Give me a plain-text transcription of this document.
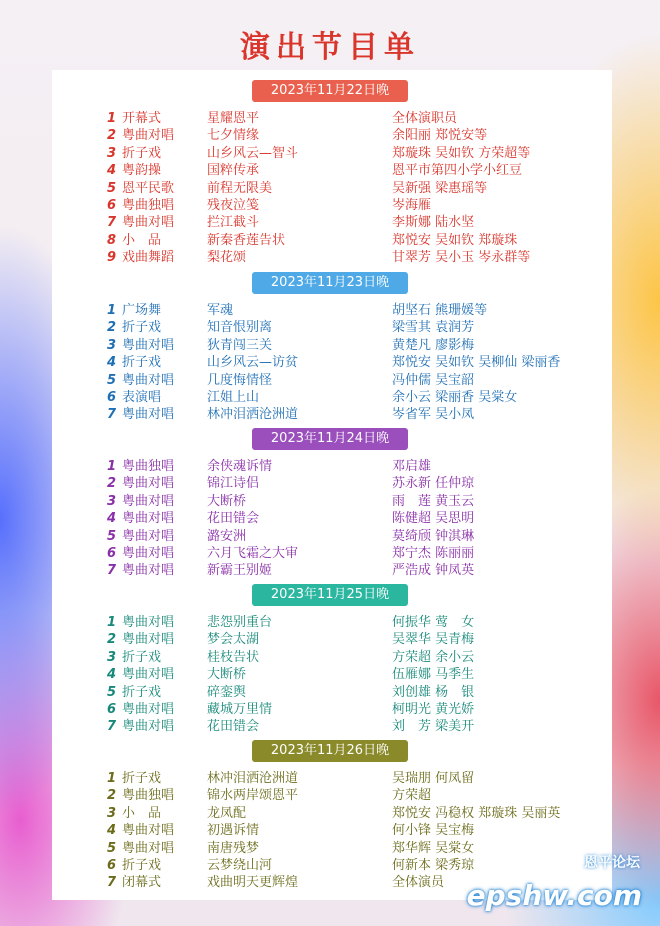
演出节目单
2023年11月22日晚
1 开幕式	星耀恩平	全体演职员
2 粤曲对唱	七夕情缘	余阳丽 郑悦安等
3 折子戏	山乡风云—智斗	郑璇珠 吴如钦 方荣超等
4 粤韵操	国粹传承	恩平市第四小学小红豆
5 恩平民歌	前程无限美	吴新强 梁惠瑶等
6 粤曲独唱	残夜泣笺	岑海雁
7 粤曲对唱	拦江截斗	李斯娜 陆水坚
8 小　品	新秦香莲告状	郑悦安 吴如钦 郑璇珠
9 戏曲舞蹈	梨花颂	甘翠芳 吴小玉 岑永群等
2023年11月23日晚
1 广场舞	军魂	胡坚石 熊珊媛等
2 折子戏	知音恨别离	梁雪其 袁润芳
3 粤曲对唱	狄青闯三关	黄楚凡 廖影梅
4 折子戏	山乡风云—访贫	郑悦安 吴如钦 吴柳仙 梁丽香
5 粤曲对唱	几度悔情怪	冯仲儒 吴宝韶
6 表演唱	江姐上山	余小云 梁丽香 吴棠女
7 粤曲对唱	林冲泪洒沧洲道	岑省军 吴小凤
2023年11月24日晚
1 粤曲独唱	余侠魂诉情	邓启雄
2 粤曲对唱	锦江诗侣	苏永新 任仲琼
3 粤曲对唱	大断桥	雨　莲 黄玉云
4 粤曲对唱	花田错会	陈健超 吴思明
5 粤曲对唱	潞安洲	莫绮颀 钟淇琳
6 粤曲对唱	六月飞霜之大审	郑宁杰 陈丽丽
7 粤曲对唱	新霸王别姬	严浩成 钟凤英
2023年11月25日晚
1 粤曲对唱	悲怨别重台	何振华 莺　女
2 粤曲对唱	梦会太湖	吴翠华 吴青梅
3 折子戏	桂枝告状	方荣超 余小云
4 粤曲对唱	大断桥	伍雁娜 马季生
5 折子戏	碎銮舆	刘创雄 杨　银
6 粤曲对唱	藏城万里情	柯明光 黄光娇
7 粤曲对唱	花田错会	刘　芳 梁美开
2023年11月26日晚
1 折子戏	林冲泪洒沧洲道	吴瑞朋 何凤留
2 粤曲独唱	锦水两岸颂恩平	方荣超
3 小　品	龙凤配	郑悦安 冯稳权 郑璇珠 吴丽英
4 粤曲对唱	初遇诉情	何小锋 吴宝梅
5 粤曲对唱	南唐残梦	郑华辉 吴棠女
6 折子戏	云梦绕山河	何新本 梁秀琼
7 闭幕式	戏曲明天更辉煌	全体演员
恩平论坛
epshw.com
